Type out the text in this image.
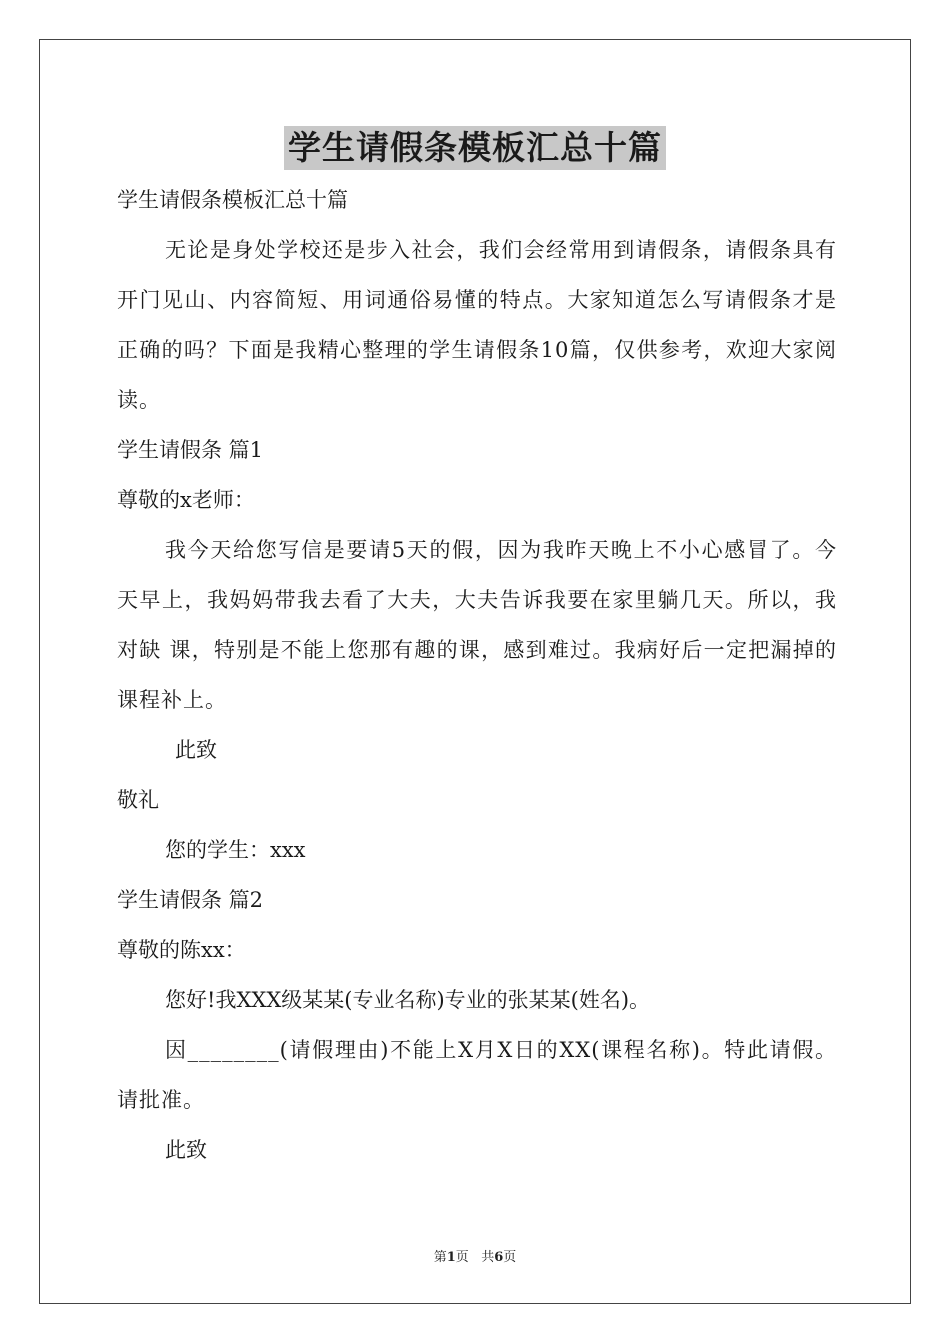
学生请假条模板汇总十篇

学生请假条模板汇总十篇

无论是身处学校还是步入社会，我们会经常用到请假条，请假条具有开门见山、内容简短、用词通俗易懂的特点。大家知道怎么写请假条才是正确的吗？下面是我精心整理的学生请假条10篇，仅供参考，欢迎大家阅读。

学生请假条 篇1

尊敬的x老师：

我今天给您写信是要请5天的假，因为我昨天晚上不小心感冒了。今天早上，我妈妈带我去看了大夫，大夫告诉我要在家里躺几天。所以，我对缺 课，特别是不能上您那有趣的课，感到难过。我病好后一定把漏掉的课程补上。

此致

敬礼

您的学生：xxx

学生请假条 篇2

尊敬的陈xx：

您好!我XXX级某某(专业名称)专业的张某某(姓名)。

因________(请假理由)不能上X月X日的XX(课程名称)。特此请假。请批准。

此致

第1页 共6页
